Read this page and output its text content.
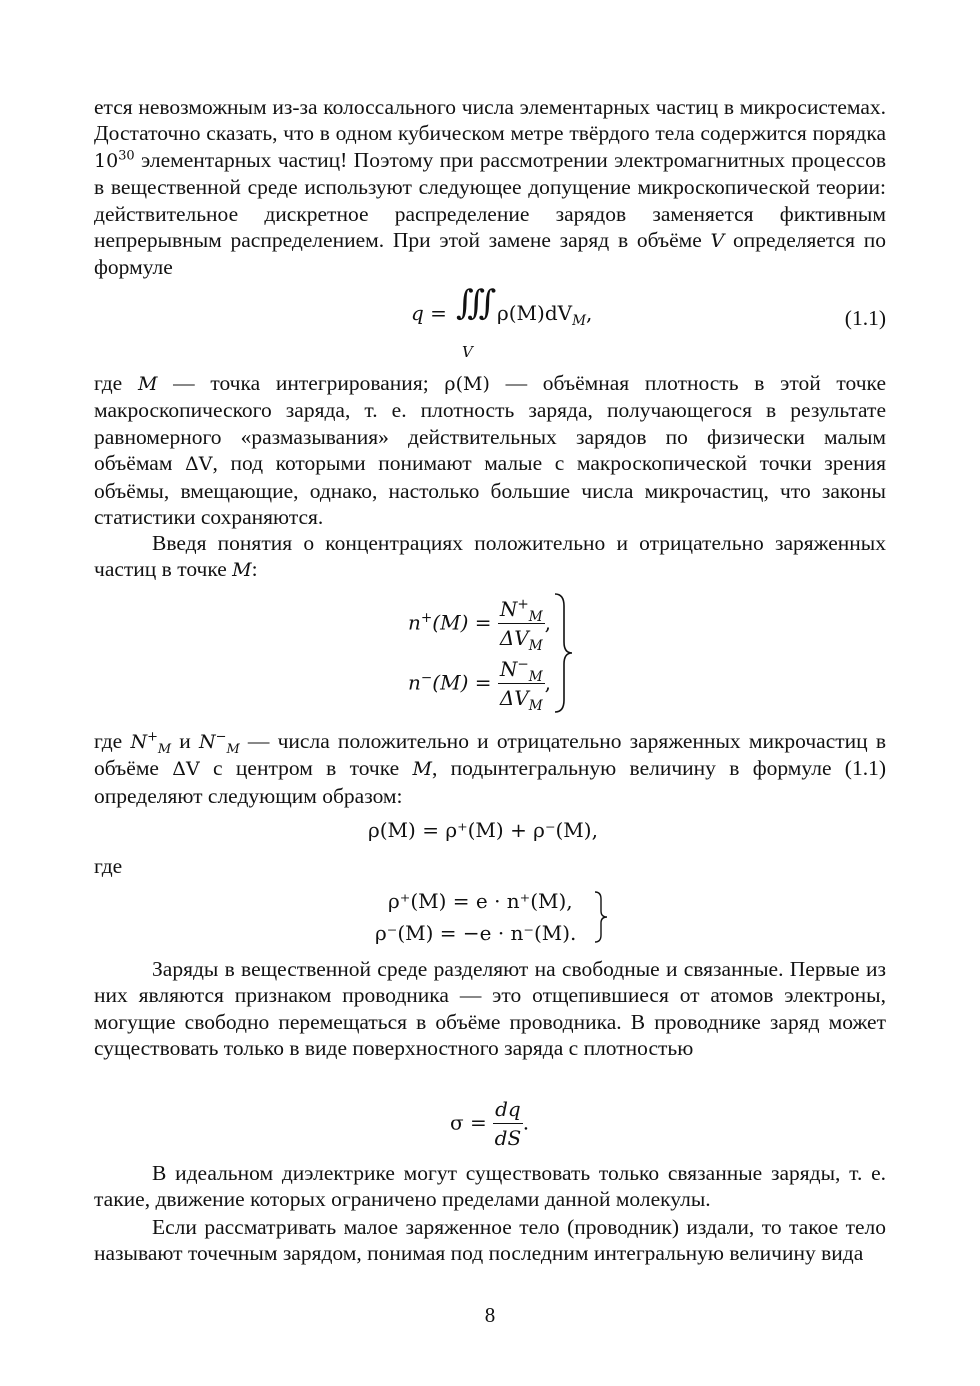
ется невозможным из-за колоссального числа элементарных частиц в микросистемах. Достаточно сказать, что в одном кубическом метре твёрдого тела содержится порядка $10^{30}$ элементарных частиц! Поэтому при рассмотрении электромагнитных процессов в вещественной среде используют следующее допущение микроскопической теории: действительное дискретное распределение зарядов заменяется фиктивным непрерывным распределением. При этой замене заряд в объёме V определяется по формуле

q = ∭
V
$\rho(M)dV_M$,	(1.1)

где M — точка интегрирования; ρ(M) — объёмная плотность в этой точке макроскопического заряда, т. е. плотность заряда, получающегося в результате равномерного «размазывания» действительных зарядов по физически малым объёмам ΔV, под которыми понимают малые с макроскопической точки зрения объёмы, вмещающие, однако, настолько большие числа микрочастиц, что законы статистики сохраняются.

Введя понятия о концентрациях положительно и отрицательно заряженных частиц в точке M:

$n^+(M) = \frac{N^+_M}{\Delta V_M}$ ,
$n^-(M) = \frac{N^-_M}{\Delta V_M}$ ,

где $N^+_M$ и $N^-_M$ — числа положительно и отрицательно заряженных микрочастиц в объёме ΔV с центром в точке M, подынтегральную величину в формуле (1.1) определяют следующим образом:

ρ(M) = ρ⁺(M) + ρ⁻(M),

где

ρ⁺(M) = e · n⁺(M),
ρ⁻(M) = −e · n⁻(M).

Заряды в вещественной среде разделяют на свободные и связанные. Первые из них являются признаком проводника — это отщепившиеся от атомов электроны, могущие свободно перемещаться в объёме проводника. В проводнике заряд может существовать только в виде поверхностного заряда с плотностью

$\sigma = \frac{dq}{dS}$ .

В идеальном диэлектрике могут существовать только связанные заряды, т. е. такие, движение которых ограничено пределами данной молекулы.

Если рассматривать малое заряженное тело (проводник) издали, то такое тело называют точечным зарядом, понимая под последним интегральную величину вида

8
